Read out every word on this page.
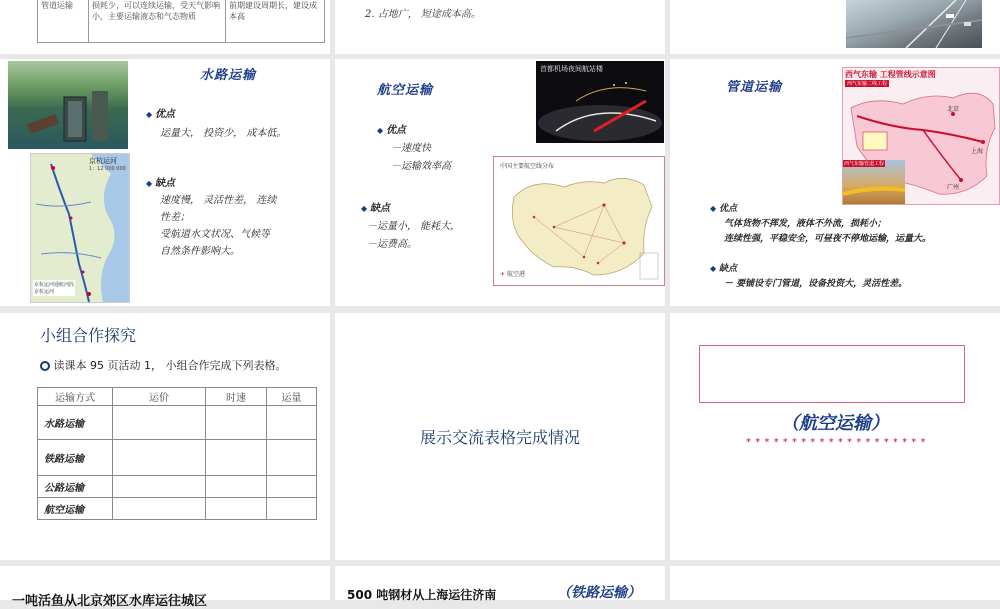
管道运输	损耗少，可以连续运输，受天气影响小，主要运输液态和气态物质	前期建设周期长，建设成本高	2. 占地广， 短途成本高。
京杭运河
1：12 000 000
京杭运河通航河段
京杭运河
水路运输
◆ 优点
运量大， 投资少， 成本低。
◆ 缺点
速度慢， 灵活性差， 连续
性差；
受航道水文状况、气候等
自然条件影响大。
航空运输
首都机场夜间航站楼
◆ 优点
－速度快
－运输效率高
◆ 缺点
－运量小， 能耗大，
－运费高。
中国主要航空线分布
✈ 航空港
管道运输
西气东输 工程管线示意图
西气东输二线工程
北京
上海
广州
西气东输管道工程
◆ 优点
气体货物不挥发，液体不外流，损耗小；
连续性强，平稳安全，可昼夜不停地运输，运量大。
◆ 缺点
－ 要铺设专门管道，设备投资大，灵活性差。
小组合作探究
读课本 95 页活动 1， 小组合作完成下列表格。
运输方式	运价	时速	运量
水路运输			
铁路运输			
公路运输			
航空运输			
展示交流表格完成情况
（航空运输）
* * * * * * * * * * * * * * * * * * * *
一吨活鱼从北京郊区水库运往城区	500 吨钢材从上海运往济南	（铁路运输）
